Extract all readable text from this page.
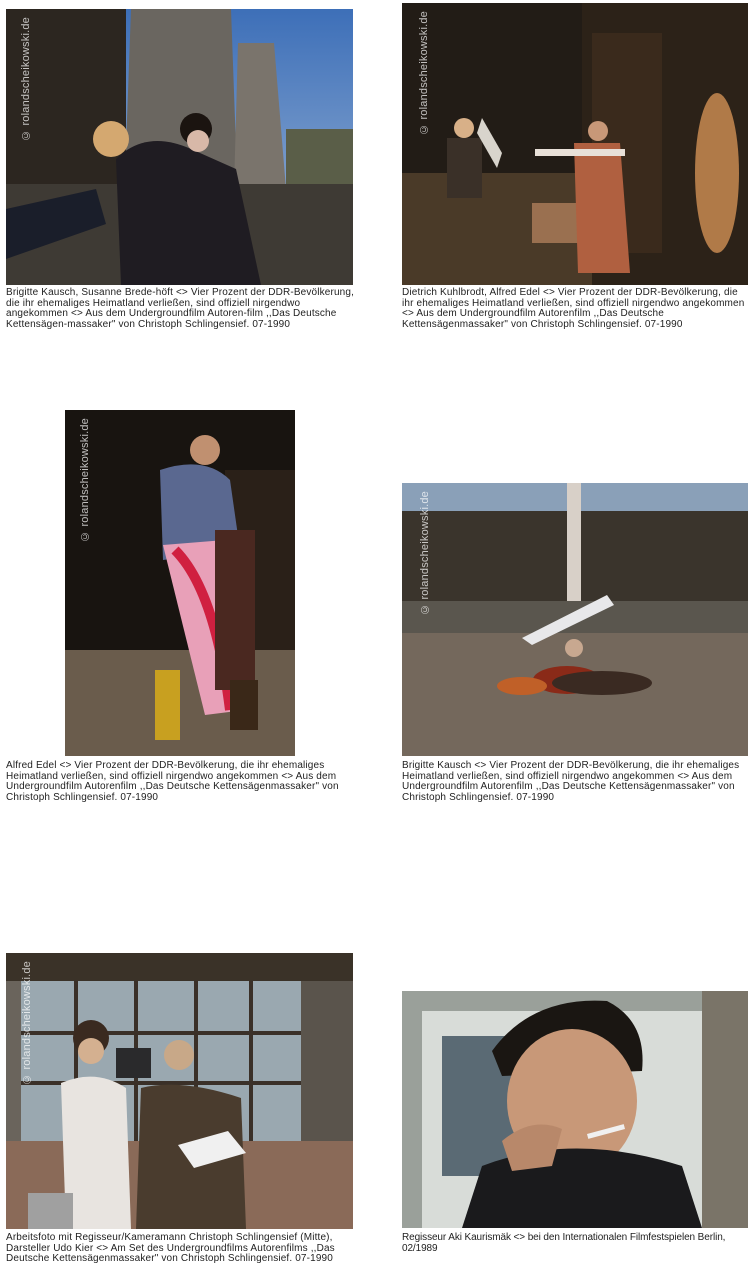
© rolandscheikowski.de
Brigitte Kausch, Susanne Brede-höft <> Vier Prozent der DDR-Bevölkerung, die ihr ehemaliges Heimatland verließen, sind offiziell nirgendwo angekommen <> Aus dem Undergroundfilm Autoren-film ,,Das Deutsche Kettensägen-massaker" von Christoph Schlingensief. 07-1990
© rolandscheikowski.de
Dietrich Kuhlbrodt, Alfred Edel <> Vier Prozent der DDR-Bevölkerung, die ihr ehemaliges Heimatland verließen, sind offiziell nirgendwo angekommen <> Aus dem Undergroundfilm Autorenfilm ,,Das Deutsche Kettensägenmassaker" von Christoph Schlingensief. 07-1990
© rolandscheikowski.de
Alfred Edel <> Vier Prozent der DDR-Bevölkerung, die ihr ehemaliges Heimatland verließen, sind offiziell nirgendwo angekommen <> Aus dem Undergroundfilm Autorenfilm ,,Das Deutsche Kettensägenmassaker" von Christoph Schlingensief. 07-1990
© rolandscheikowski.de
Brigitte Kausch <> Vier Prozent der DDR-Bevölkerung, die ihr ehemaliges Heimatland verließen, sind offiziell nirgendwo angekommen <> Aus dem Undergroundfilm Autorenfilm ,,Das Deutsche Kettensägenmassaker" von Christoph Schlingensief. 07-1990
© rolandscheikowski.de
Arbeitsfoto mit Regisseur/Kameramann Christoph Schlingensief (Mitte), Darsteller Udo Kier <> Am Set des Undergroundfilms Autorenfilms ,,Das Deutsche Kettensägenmassaker" von Christoph Schlingensief. 07-1990
Regisseur Aki Kaurismäk <> bei den Internationalen Filmfestspielen Berlin, 02/1989
